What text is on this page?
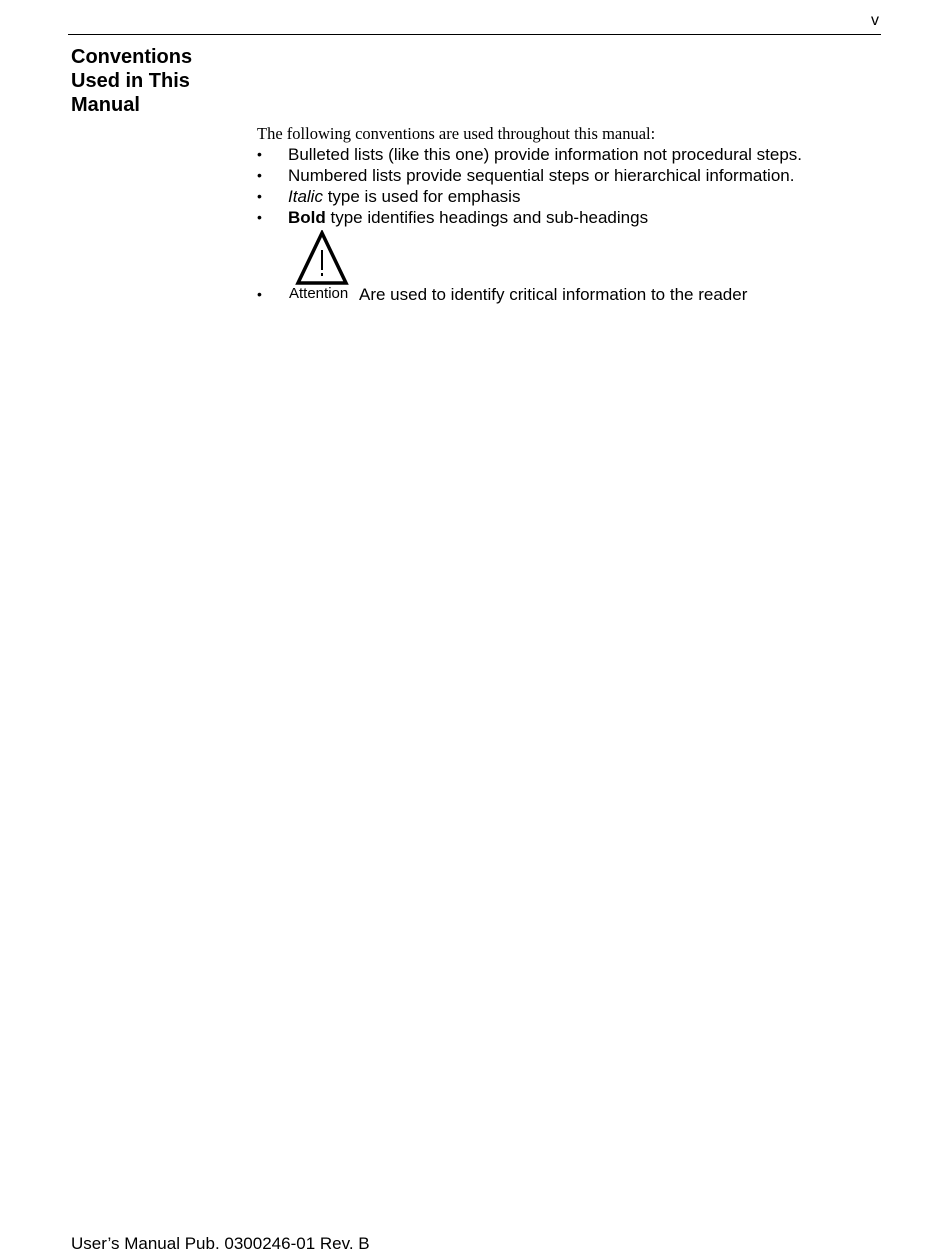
v
Conventions Used in This Manual

The following conventions are used throughout this manual:

• Bulleted lists (like this one) provide information not procedural steps.
• Numbered lists provide sequential steps or hierarchical information.
• Italic type is used for emphasis
• Bold type identifies headings and sub-headings
• Attention Are used to identify critical information to the reader
User’s Manual Pub. 0300246-01 Rev. B
